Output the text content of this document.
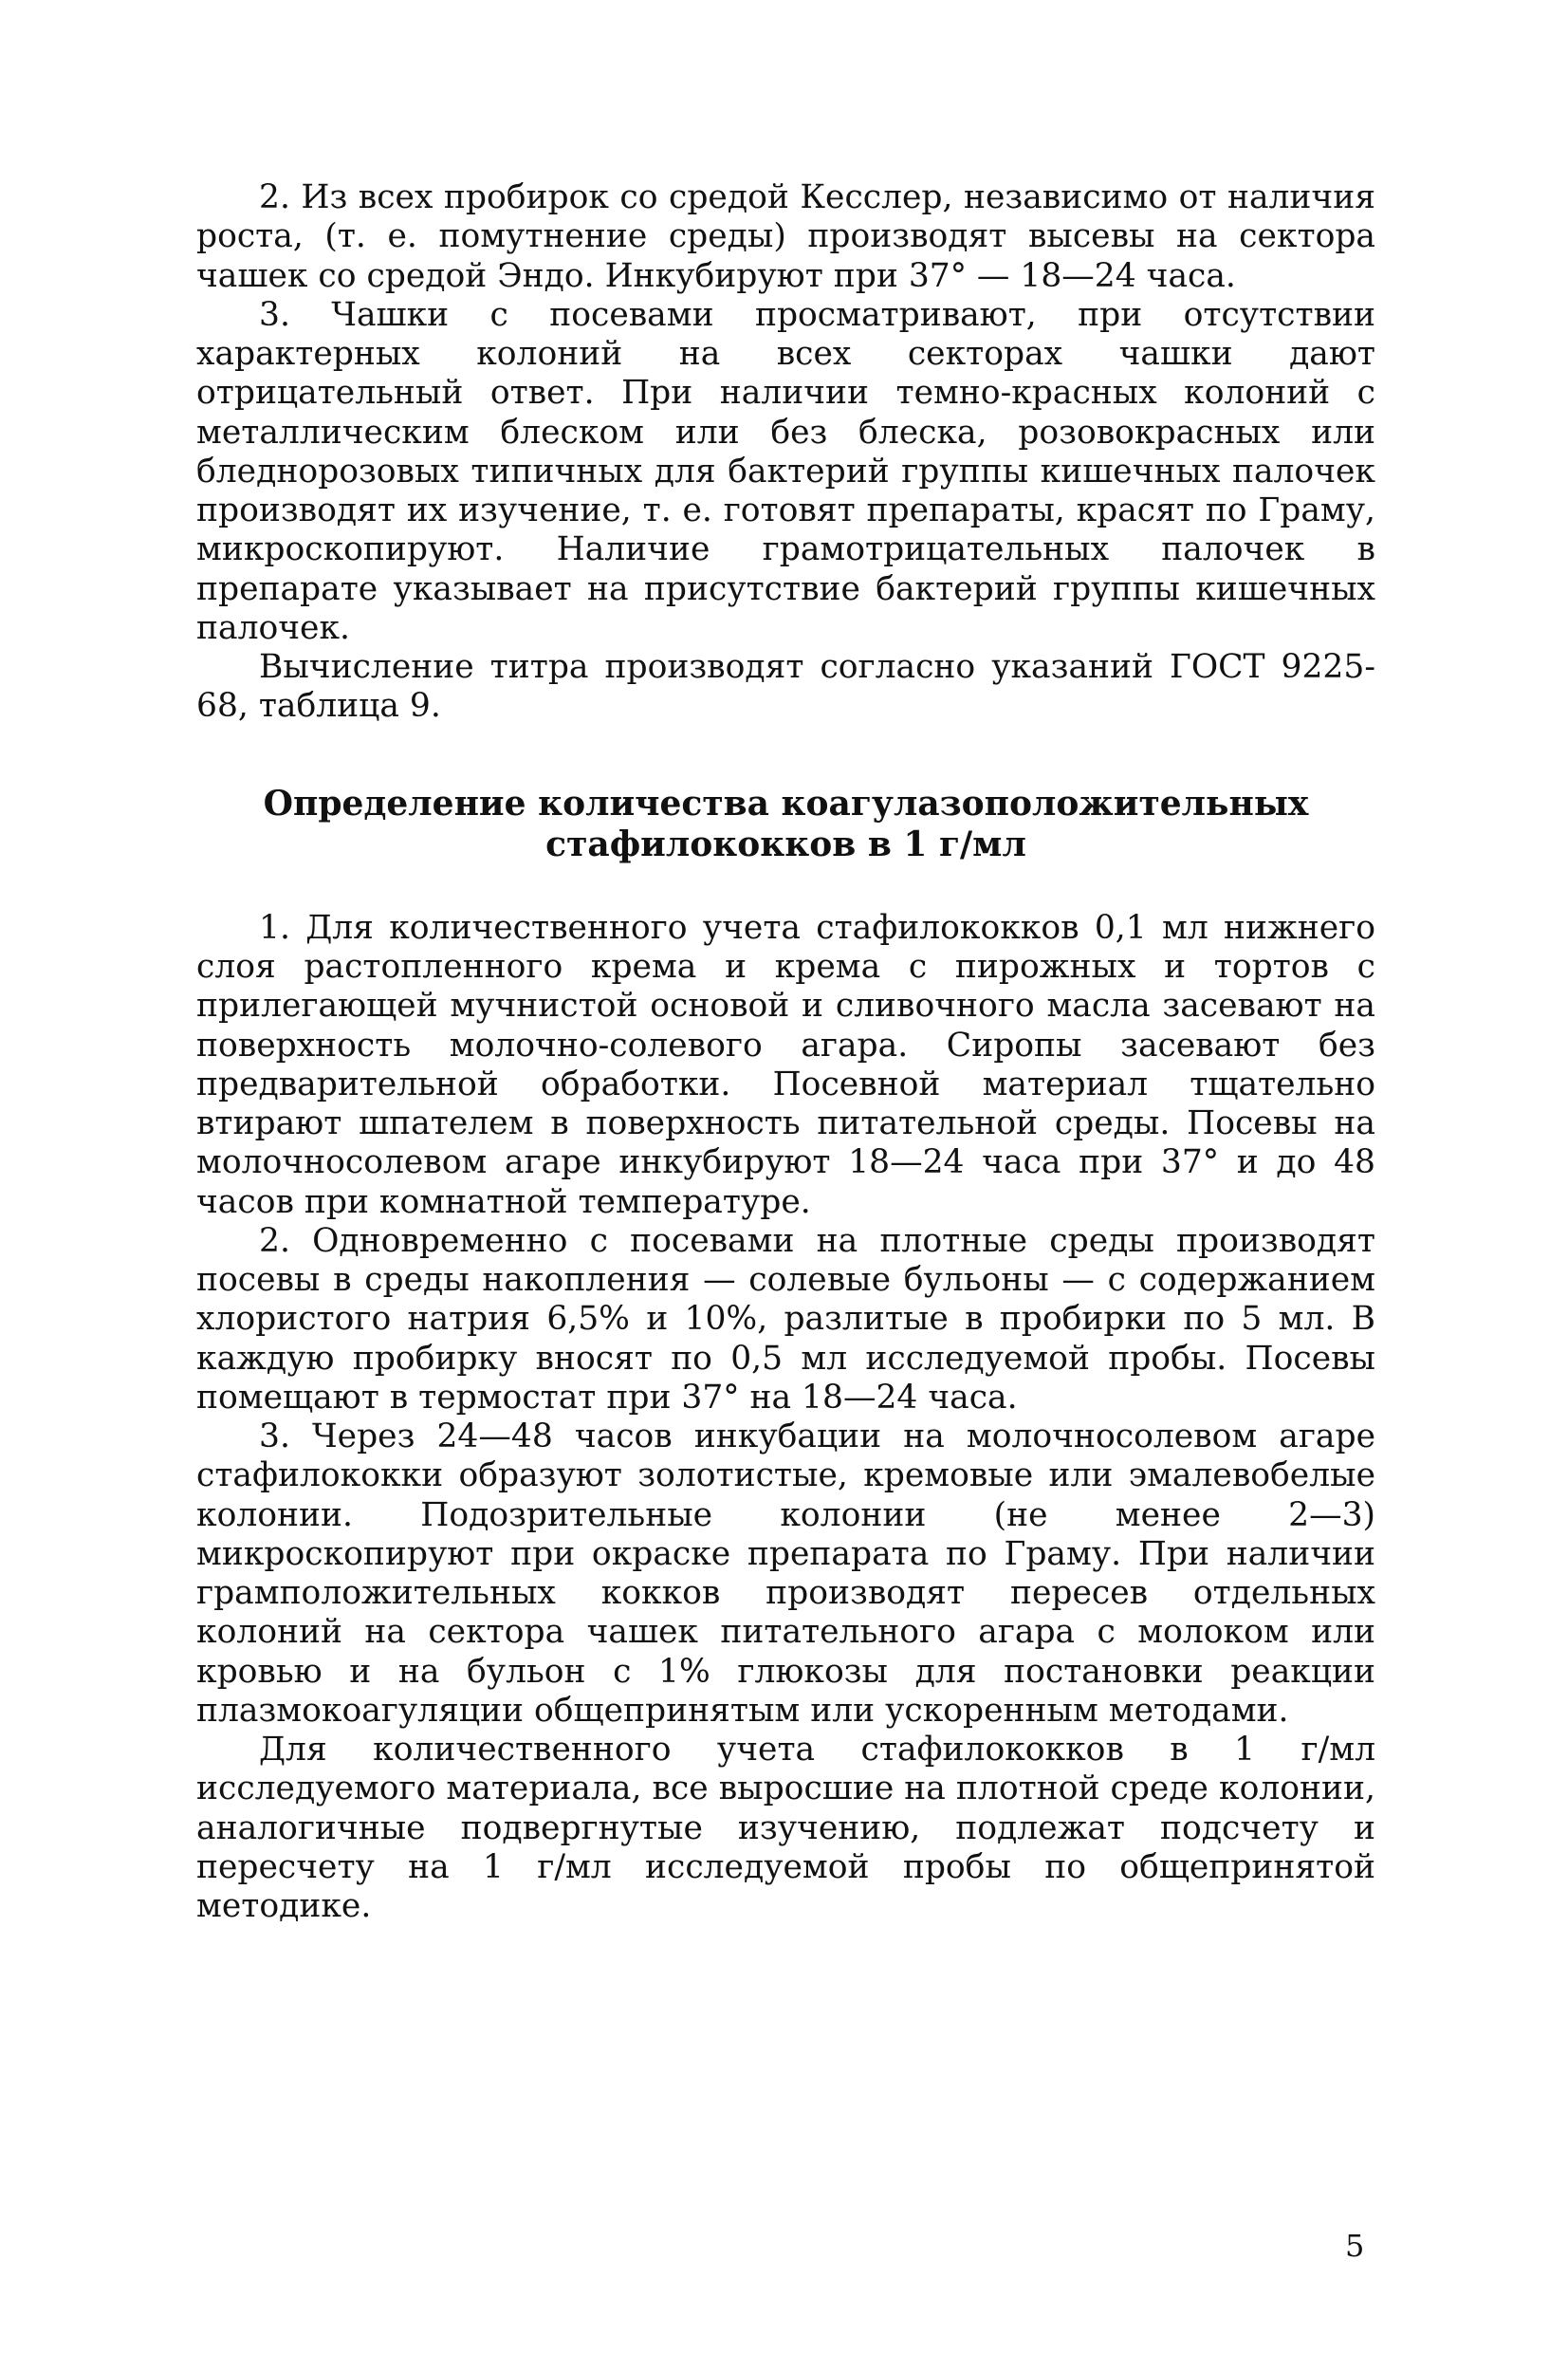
2. Из всех пробирок со средой Кесслер, независимо от наличия роста, (т. е. помутнение среды) производят высевы на сектора чашек со средой Эндо. Инкубируют при 37° — 18—24 часа.

3. Чашки с посевами просматривают, при отсутствии характерных колоний на всех секторах чашки дают отрицательный ответ. При наличии темно-красных колоний с металлическим блеском или без блеска, розовокрасных или бледнорозовых типичных для бактерий группы кишечных палочек производят их изучение, т. е. готовят препараты, красят по Граму, микроскопируют. Наличие грамотрицательных палочек в препарате указывает на присутствие бактерий группы кишечных палочек.

Вычисление титра производят согласно указаний ГОСТ 9225-68, таблица 9.

Определение количества коагулазоположительных
стафилококков в 1 г/мл

1. Для количественного учета стафилококков 0,1 мл нижнего слоя растопленного крема и крема с пирожных и тортов с прилегающей мучнистой основой и сливочного масла засевают на поверхность молочно-солевого агара. Сиропы засевают без предварительной обработки. Посевной материал тщательно втирают шпателем в поверхность питательной среды. Посевы на молочносолевом агаре инкубируют 18—24 часа при 37° и до 48 часов при комнатной температуре.

2. Одновременно с посевами на плотные среды производят посевы в среды накопления — солевые бульоны — с содержанием хлористого натрия 6,5% и 10%, разлитые в пробирки по 5 мл. В каждую пробирку вносят по 0,5 мл исследуемой пробы. Посевы помещают в термостат при 37° на 18—24 часа.

3. Через 24—48 часов инкубации на молочносолевом агаре стафилококки образуют золотистые, кремовые или эмалевобелые колонии. Подозрительные колонии (не менее 2—3) микроскопируют при окраске препарата по Граму. При наличии грамположительных кокков производят пересев отдельных колоний на сектора чашек питательного агара с молоком или кровью и на бульон с 1% глюкозы для постановки реакции плазмокоагуляции общепринятым или ускоренным методами.

Для количественного учета стафилококков в 1 г/мл исследуемого материала, все выросшие на плотной среде колонии, аналогичные подвергнутые изучению, подлежат подсчету и пересчету на 1 г/мл исследуемой пробы по общепринятой методике.

5
